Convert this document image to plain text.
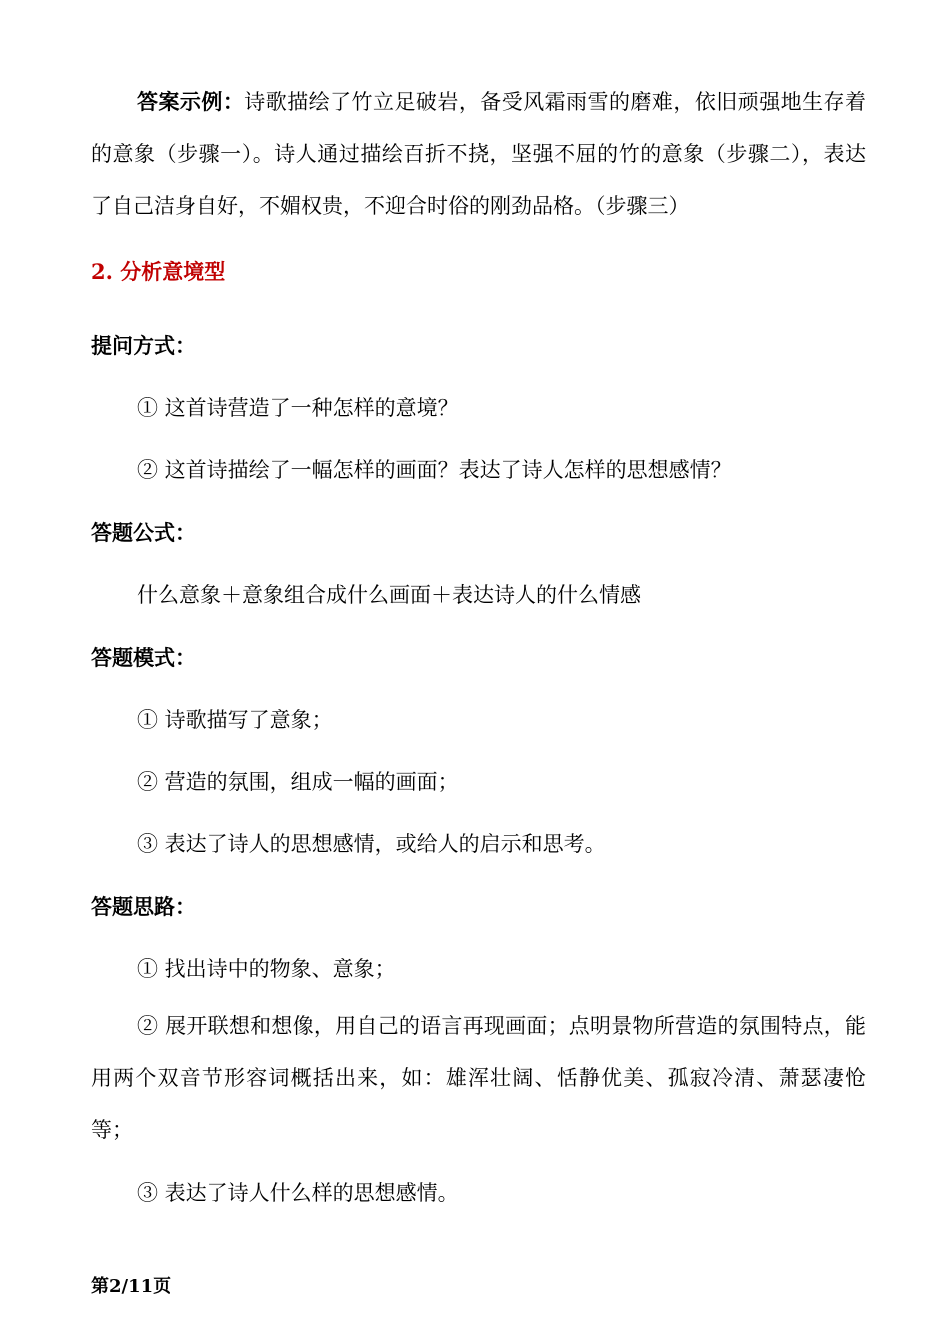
答案示例：诗歌描绘了竹立足破岩，备受风霜雨雪的磨难，依旧顽强地生存着的意象（步骤一）。诗人通过描绘百折不挠，坚强不屈的竹的意象（步骤二），表达了自己洁身自好，不媚权贵，不迎合时俗的刚劲品格。（步骤三）

2. 分析意境型

提问方式：

① 这首诗营造了一种怎样的意境？

② 这首诗描绘了一幅怎样的画面？表达了诗人怎样的思想感情？

答题公式：

什么意象＋意象组合成什么画面＋表达诗人的什么情感

答题模式：

① 诗歌描写了意象；

② 营造的氛围，组成一幅的画面；

③ 表达了诗人的思想感情，或给人的启示和思考。

答题思路：

① 找出诗中的物象、意象；

② 展开联想和想像，用自己的语言再现画面；点明景物所营造的氛围特点，能用两个双音节形容词概括出来，如：雄浑壮阔、恬静优美、孤寂冷清、萧瑟凄怆等；

③ 表达了诗人什么样的思想感情。

第2/11页
